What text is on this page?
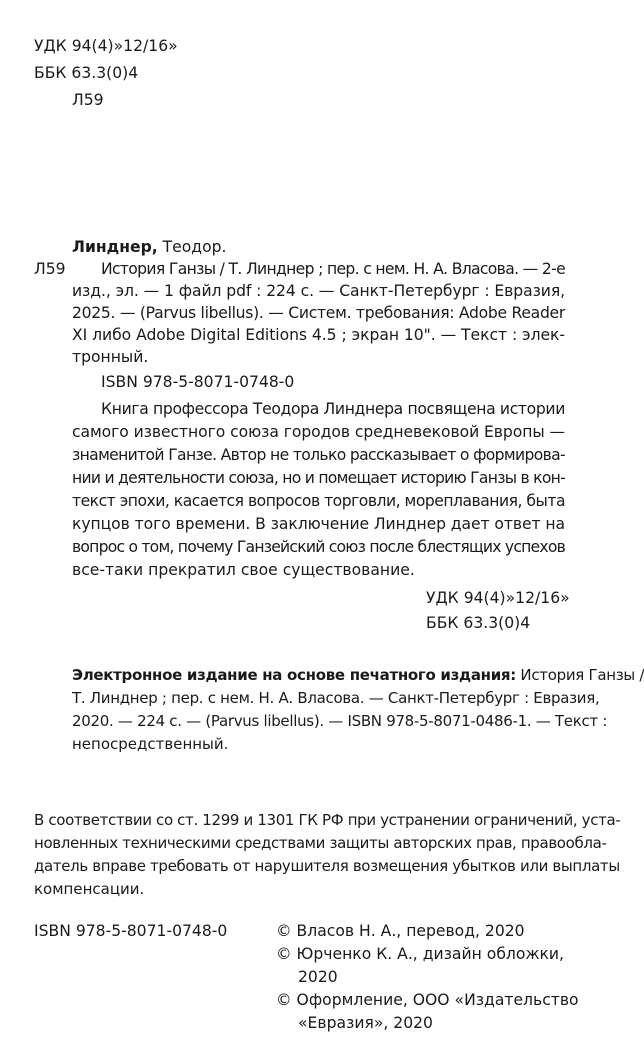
УДК 94(4)»12/16»
ББК 63.3(0)4
Л59
Линднер, Теодор.
Л59 История Ганзы / Т. Линднер ; пер. с нем. Н. А. Власова. — 2-е
изд., эл. — 1 файл pdf : 224 с. — Санкт-Петербург : Евразия,
2025. — (Parvus libellus). — Систем. требования: Adobe Reader
XI либо Adobe Digital Editions 4.5 ; экран 10". — Текст : элек-
тронный.
ISBN 978-5-8071-0748-0
Книга профессора Теодора Линднера посвящена истории
самого известного союза городов средневековой Европы —
знаменитой Ганзе. Автор не только рассказывает о формирова-
нии и деятельности союза, но и помещает историю Ганзы в кон-
текст эпохи, касается вопросов торговли, мореплавания, быта
купцов того времени. В заключение Линднер дает ответ на
вопрос о том, почему Ганзейский союз после блестящих успехов
все-таки прекратил свое существование.
УДК 94(4)»12/16»
ББК 63.3(0)4
Электронное издание на основе печатного издания: История Ганзы /
Т. Линднер ; пер. с нем. Н. А. Власова. — Санкт-Петербург : Евразия,
2020. — 224 с. — (Parvus libellus). — ISBN 978-5-8071-0486-1. — Текст :
непосредственный.
В соответствии со ст. 1299 и 1301 ГК РФ при устранении ограничений, уста-
новленных техническими средствами защиты авторских прав, правообла-
датель вправе требовать от нарушителя возмещения убытков или выплаты
компенсации.
ISBN 978-5-8071-0748-0	© Власов Н. А., перевод, 2020
© Юрченко К. А., дизайн обложки,
2020
© Оформление, ООО «Издательство
«Евразия», 2020
